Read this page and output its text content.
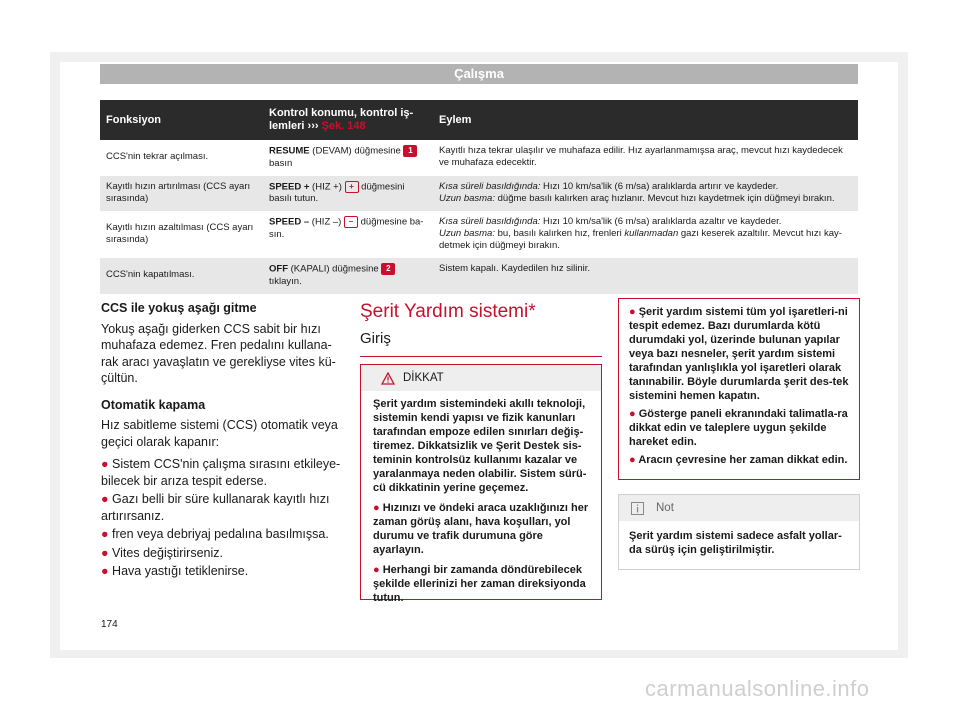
Çalışma
Fonksiyon	Kontrol konumu, kontrol iş-lemleri ››› Şek. 148	Eylem
CCS'nin tekrar açılması.	RESUME (DEVAM) düğmesine 1 basın	Kayıtlı hıza tekrar ulaşılır ve muhafaza edilir. Hız ayarlanmamışsa araç, mevcut hızı kaydedecek ve muhafaza edecektir.
Kayıtlı hızın artırılması (CCS ayarı sırasında)	SPEED + (HIZ +) + düğmesini basılı tutun.	Kısa süreli basıldığında: Hızı 10 km/sa'lik (6 m/sa) aralıklarda artırır ve kaydeder.
Uzun basma: düğme basılı kalırken araç hızlanır. Mevcut hızı kaydetmek için düğmeyi bırakın.
Kayıtlı hızın azaltılması (CCS ayarı sırasında)	SPEED – (HIZ –) – düğmesine ba-sın.	Kısa süreli basıldığında: Hızı 10 km/sa'lik (6 m/sa) aralıklarda azaltır ve kaydeder.
Uzun basma: bu, basılı kalırken hız, frenleri kullanmadan gazı keserek azaltılır. Mevcut hızı kay-detmek için düğmeyi bırakın.
CCS'nin kapatılması.	OFF (KAPALI) düğmesine 2 tıklayın.	Sistem kapalı. Kaydedilen hız silinir.
CCS ile yokuş aşağı gitme

Yokuş aşağı giderken CCS sabit bir hızı muhafaza edemez. Fren pedalını kullana-rak aracı yavaşlatın ve gerekliyse vites kü-çültün.

Otomatik kapama

Hız sabitleme sistemi (CCS) otomatik veya geçici olarak kapanır:

● Sistem CCS'nin çalışma sırasını etkileye-bilecek bir arıza tespit ederse.
● Gazı belli bir süre kullanarak kayıtlı hızı artırırsanız.
● fren veya debriyaj pedalına basılmışsa.
● Vites değiştirirseniz.
● Hava yastığı tetiklenirse.
Şerit Yardım sistemi*
Giriş
DİKKAT

Şerit yardım sistemindeki akıllı teknoloji, sistemin kendi yapısı ve fizik kanunları tarafından empoze edilen sınırları değiş-tiremez. Dikkatsizlik ve Şerit Destek sis-teminin kontrolsüz kullanımı kazalar ve yaralanmaya neden olabilir. Sistem sürü-cü dikkatinin yerine geçemez.

● Hızınızı ve öndeki araca uzaklığınızı her zaman görüş alanı, hava koşulları, yol durumu ve trafik durumuna göre ayarlayın.
● Herhangi bir zamanda döndürebilecek şekilde ellerinizi her zaman direksiyonda tutun.
● Şerit yardım sistemi tüm yol işaretleri-ni tespit edemez. Bazı durumlarda kötü durumdaki yol, üzerinde bulunan yapılar veya bazı nesneler, şerit yardım sistemi tarafından yanlışlıkla yol işaretleri olarak tanınabilir. Böyle durumlarda şerit des-tek sistemini hemen kapatın.
● Gösterge paneli ekranındaki talimatla-ra dikkat edin ve taleplere uygun şekilde hareket edin.
● Aracın çevresine her zaman dikkat edin.
Not
Şerit yardım sistemi sadece asfalt yollar-da sürüş için geliştirilmiştir.
174
carmanualsonline.info
